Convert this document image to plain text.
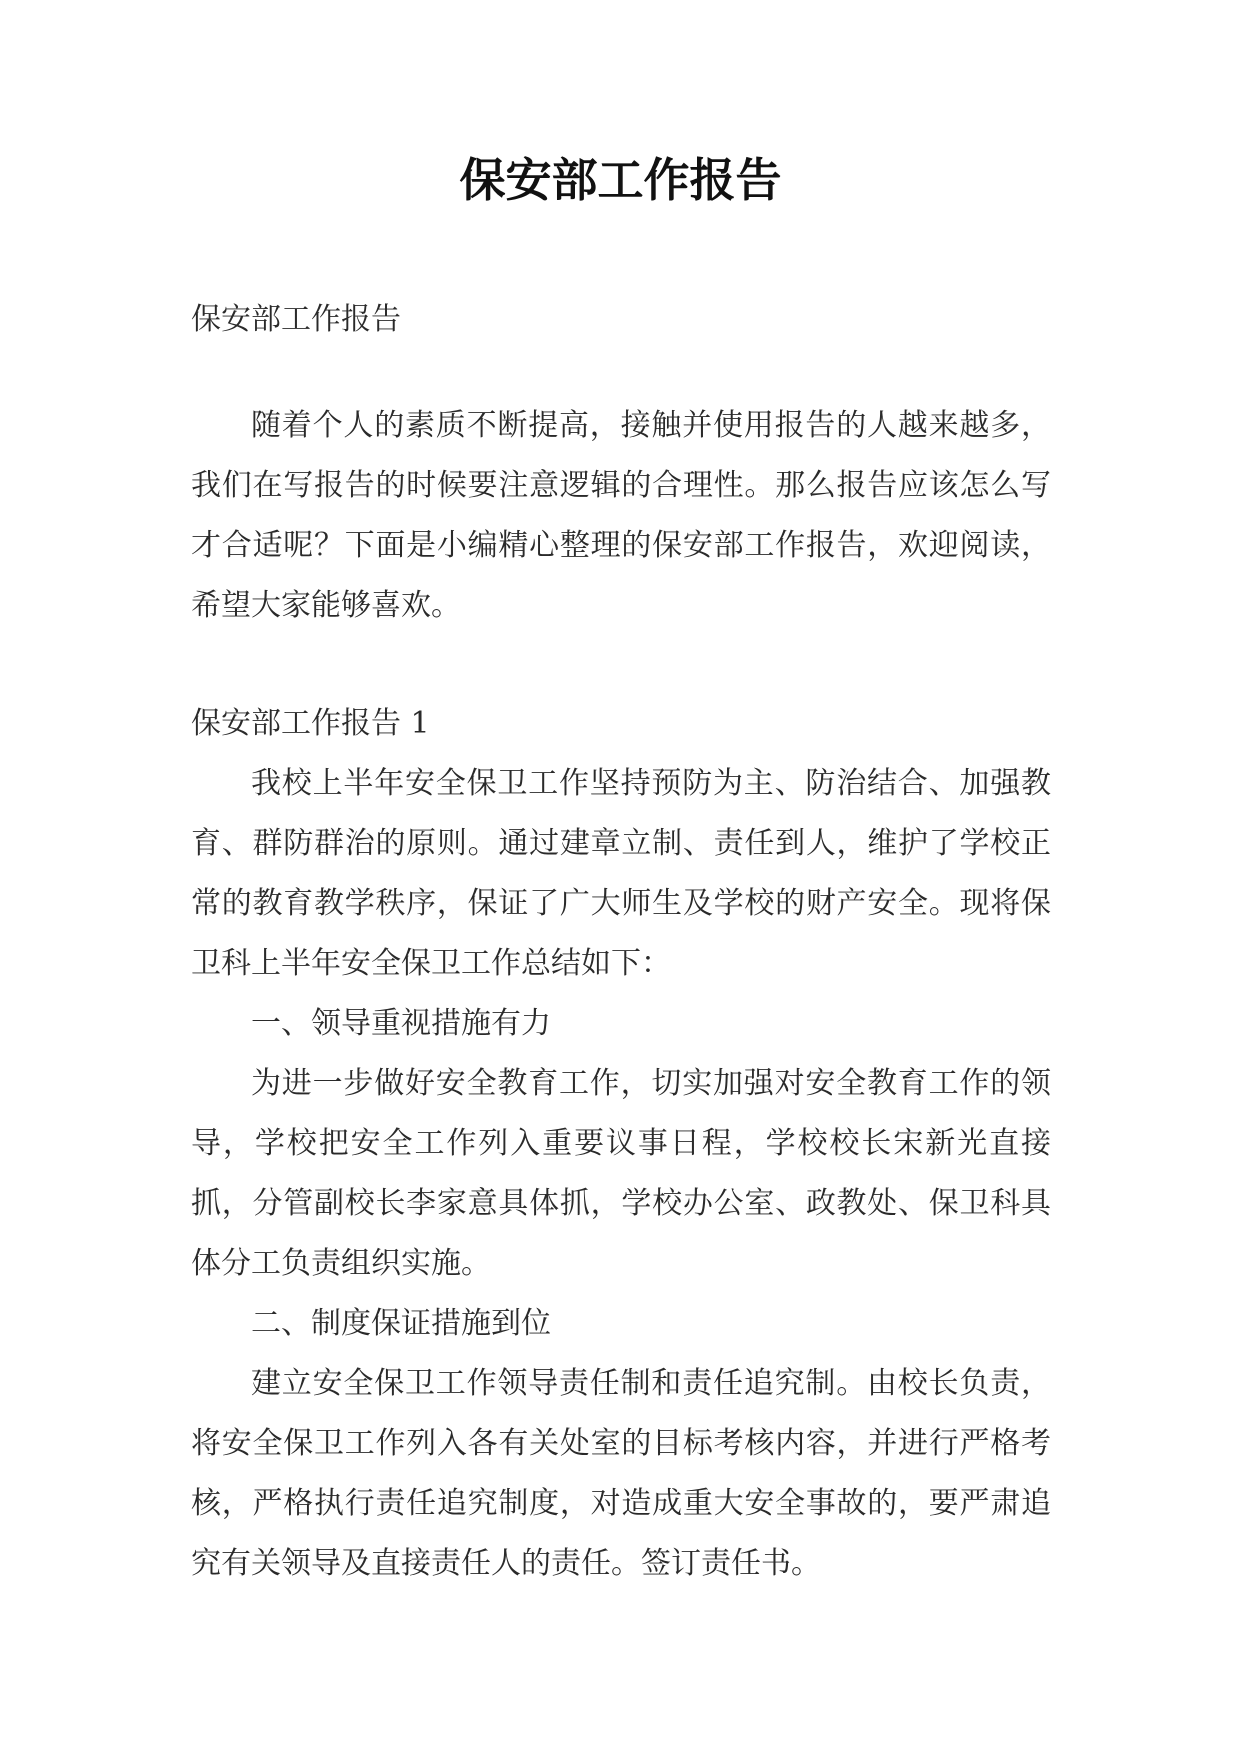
保安部工作报告

保安部工作报告

随着个人的素质不断提高，接触并使用报告的人越来越多，我们在写报告的时候要注意逻辑的合理性。那么报告应该怎么写才合适呢？下面是小编精心整理的保安部工作报告，欢迎阅读，希望大家能够喜欢。

保安部工作报告 1

我校上半年安全保卫工作坚持预防为主、防治结合、加强教育、群防群治的原则。通过建章立制、责任到人，维护了学校正常的教育教学秩序，保证了广大师生及学校的财产安全。现将保卫科上半年安全保卫工作总结如下：

一、领导重视措施有力

为进一步做好安全教育工作，切实加强对安全教育工作的领导，学校把安全工作列入重要议事日程，学校校长宋新光直接抓，分管副校长李家意具体抓，学校办公室、政教处、保卫科具体分工负责组织实施。

二、制度保证措施到位

建立安全保卫工作领导责任制和责任追究制。由校长负责，将安全保卫工作列入各有关处室的目标考核内容，并进行严格考核，严格执行责任追究制度，对造成重大安全事故的，要严肃追究有关领导及直接责任人的责任。签订责任书。
